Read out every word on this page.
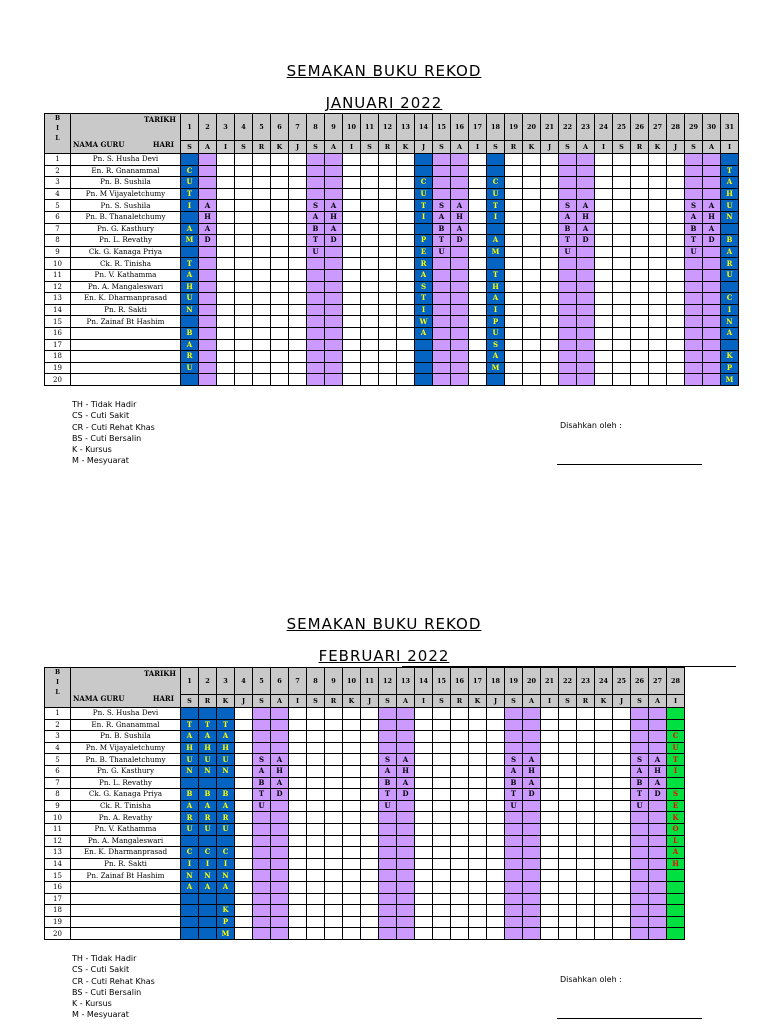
SEMAKAN BUKU REKOD
JANUARI 2022
B
I
L	TARIKH
NAMA GURU HARI	1	2	3	4	5	6	7	8	9	10	11	12	13	14	15	16	17	18	19	20	21	22	23	24	25	26	27	28	29	30	31
		S	A	I	S	R	K	J	S	A	I	S	R	K	J	S	A	I	S	R	K	J	S	A	I	S	R	K	J	S	A	I
1	Pn. S. Husha Devi																															
2	En. R. Gnanammal	C																														T
3	Pn. B. Sushila	U													C				C													A
4	Pn. M Vijayaletchumy	T													U				U													H
5	Pn. S. Sushila	I	A						S	A					T	S	A		T				S	A						S	A	U
6	Pn. B. Thanaletchumy		H						A	H					I	A	H		I				A	H						A	H	N
7	Pn. G. Kasthury	A	A						B	A						B	A						B	A						B	A	
8	Pn. L. Revathy	M	D						T	D					P	T	D		A				T	D						T	D	B
9	Ck. G. Kanaga Priya								U						E	U			M				U							U		A
10	Ck. R. Tinisha	T													R																	R
11	Pn. V. Kathamma	A													A				T													U
12	Pn. A. Mangaleswari	H													S				H													
13	En. K. Dharmanprasad	U													T				A													C
14	Pn. R. Sakti	N													I				I													I
15	Pn. Zainaf Bt Hashim														W				P													N
16		B													A				U													A
17		A																	S													
18		R																	A													K
19		U																	M													P
20																																M
TH - Tidak Hadir
CS - Cuti Sakit
CR - Cuti Rehat Khas
BS - Cuti Bersalin
K - Kursus
M - Mesyuarat
Disahkan oleh :
SEMAKAN BUKU REKOD
FEBRUARI 2022
B
I
L	TARIKH
NAMA GURU HARI	1	2	3	4	5	6	7	8	9	10	11	12	13	14	15	16	17	18	19	20	21	22	23	24	25	26	27	28
		S	R	K	J	S	A	I	S	R	K	J	S	A	I	S	R	K	J	S	A	I	S	R	K	J	S	A	I
1	Pn. S. Husha Devi																												
2	En. R. Gnanammal	T	T	T																									
3	Pn. B. Sushila	A	A	A																									C
4	Pn. M Vijayaletchumy	H	H	H																									U
5	Pn. B. Thanaletchumy	U	U	U		S	A						S	A						S	A						S	A	T
6	Pn. G. Kasthury	N	N	N		A	H						A	H						A	H						A	H	I
7	Pn. L. Revathy					B	A						B	A						B	A						B	A	
8	Ck. G. Kanaga Priya	B	B	B		T	D						T	D						T	D						T	D	S
9	Ck. R. Tinisha	A	A	A		U							U							U							U		E
10	Pn. A. Revathy	R	R	R																									K
11	Pn. V. Kathamma	U	U	U																									O
12	Pn. A. Mangaleswari																												L
13	En. K. Dharmanprasad	C	C	C																									A
14	Pn. R. Sakti	I	I	I																									H
15	Pn. Zainaf Bt Hashim	N	N	N																									
16		A	A	A																									
17																													
18				K																									
19				P																									
20				M																									
TH - Tidak Hadir
CS - Cuti Sakit
CR - Cuti Rehat Khas
BS - Cuti Bersalin
K - Kursus
M - Mesyuarat
Disahkan oleh :
